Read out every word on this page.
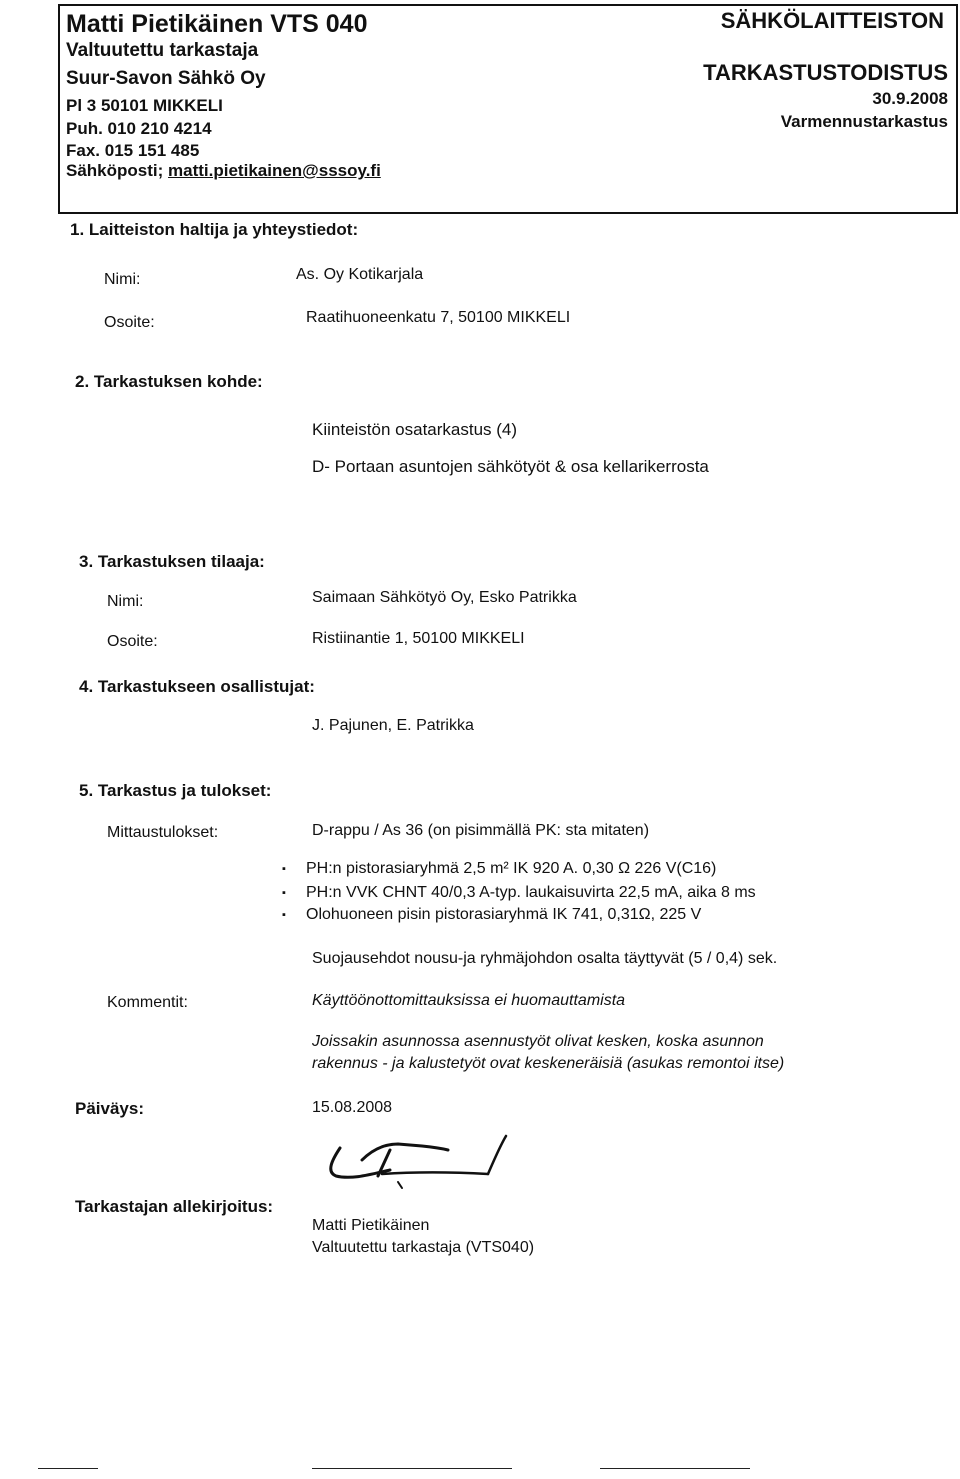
Matti Pietikäinen VTS 040
Valtuutettu tarkastaja
Suur-Savon Sähkö Oy
Pl 3 50101 MIKKELI
Puh. 010 210 4214
Fax. 015 151 485
Sähköposti; matti.pietikainen@sssoy.fi
SÄHKÖLAITTEISTON
TARKASTUSTODISTUS
30.9.2008
Varmennustarkastus
1. Laitteiston haltija ja yhteystiedot:
Nimi:	As. Oy Kotikarjala
Osoite:	Raatihuoneenkatu 7, 50100 MIKKELI
2. Tarkastuksen kohde:
Kiinteistön osatarkastus (4)
D- Portaan asuntojen sähkötyöt & osa kellarikerrosta
3. Tarkastuksen tilaaja:
Nimi:	Saimaan Sähkötyö Oy, Esko Patrikka
Osoite:	Ristiinantie 1, 50100 MIKKELI
4. Tarkastukseen osallistujat:
J. Pajunen, E. Patrikka
5. Tarkastus ja tulokset:
Mittaustulokset:	D-rappu / As 36 (on pisimmällä PK: sta mitaten)
▪ PH:n pistorasiaryhmä 2,5 m² IK 920 A. 0,30 Ω 226 V(C16)
▪ PH:n VVK CHNT 40/0,3 A-typ. laukaisuvirta 22,5 mA, aika 8 ms
▪ Olohuoneen pisin pistorasiaryhmä IK 741, 0,31Ω, 225 V
Suojausehdot nousu-ja ryhmäjohdon osalta täyttyvät (5 / 0,4) sek.
Kommentit:	Käyttöönottomittauksissa ei huomauttamista
Joissakin asunnossa asennustyöt olivat kesken, koska asunnon
rakennus - ja kalustetyöt ovat keskeneräisiä (asukas remontoi itse)
Päiväys:	15.08.2008
Tarkastajan allekirjoitus:
Matti Pietikäinen
Valtuutettu tarkastaja (VTS040)
